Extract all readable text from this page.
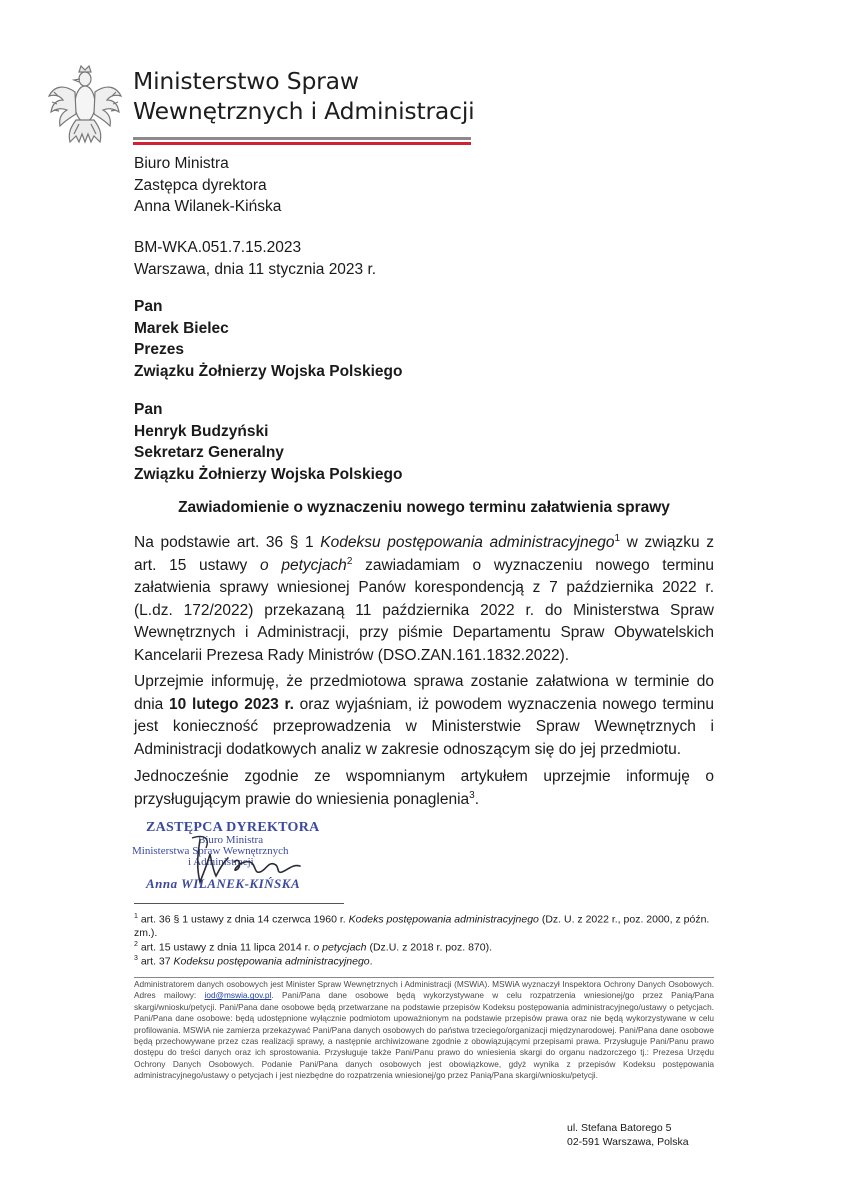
Ministerstwo Spraw
Wewnętrznych i Administracji
Biuro Ministra
Zastępca dyrektora
Anna Wilanek-Kińska
BM-WKA.051.7.15.2023
Warszawa, dnia 11 stycznia 2023 r.
Pan
Marek Bielec
Prezes
Związku Żołnierzy Wojska Polskiego
Pan
Henryk Budzyński
Sekretarz Generalny
Związku Żołnierzy Wojska Polskiego
Zawiadomienie o wyznaczeniu nowego terminu załatwienia sprawy

Na podstawie art. 36 § 1 Kodeksu postępowania administracyjnego$^1$ w związku z art. 15 ustawy o petycjach$^2$ zawiadamiam o wyznaczeniu nowego terminu załatwienia sprawy wniesionej Panów korespondencją z 7 października 2022 r. (L.dz. 172/2022) przekazaną 11 października 2022 r. do Ministerstwa Spraw Wewnętrznych i Administracji, przy piśmie Departamentu Spraw Obywatelskich Kancelarii Prezesa Rady Ministrów (DSO.ZAN.161.1832.2022).

Uprzejmie informuję, że przedmiotowa sprawa zostanie załatwiona w terminie do dnia 10 lutego 2023 r. oraz wyjaśniam, iż powodem wyznaczenia nowego terminu jest konieczność przeprowadzenia w Ministerstwie Spraw Wewnętrznych i Administracji dodatkowych analiz w zakresie odnoszącym się do jej przedmiotu.

Jednocześnie zgodnie ze wspomnianym artykułem uprzejmie informuję o przysługującym prawie do wniesienia ponaglenia$^3$.

ZASTĘPCA DYREKTORA
Biuro Ministra
Ministerstwa Spraw Wewnętrznych
i Administracji
Anna WILANEK-KIŃSKA
$^1$ art. 36 § 1 ustawy z dnia 14 czerwca 1960 r. Kodeks postępowania administracyjnego (Dz. U. z 2022 r., poz. 2000, z późn. zm.).
$^2$ art. 15 ustawy z dnia 11 lipca 2014 r. o petycjach (Dz.U. z 2018 r. poz. 870).
$^3$ art. 37 Kodeksu postępowania administracyjnego.
Administratorem danych osobowych jest Minister Spraw Wewnętrznych i Administracji (MSWiA). MSWiA wyznaczył Inspektora Ochrony Danych Osobowych. Adres mailowy: iod@mswia.gov.pl. Pani/Pana dane osobowe będą wykorzystywane w celu rozpatrzenia wniesionej/go przez Panią/Pana skargi/wniosku/petycji. Pani/Pana dane osobowe będą przetwarzane na podstawie przepisów Kodeksu postępowania administracyjnego/ustawy o petycjach. Pani/Pana dane osobowe: będą udostępnione wyłącznie podmiotom upoważnionym na podstawie przepisów prawa oraz nie będą wykorzystywane w celu profilowania. MSWiA nie zamierza przekazywać Pani/Pana danych osobowych do państwa trzeciego/organizacji międzynarodowej. Pani/Pana dane osobowe będą przechowywane przez czas realizacji sprawy, a następnie archiwizowane zgodnie z obowiązującymi przepisami prawa. Przysługuje Pani/Panu prawo dostępu do treści danych oraz ich sprostowania. Przysługuje także Pani/Panu prawo do wniesienia skargi do organu nadzorczego tj.: Prezesa Urzędu Ochrony Danych Osobowych. Podanie Pani/Pana danych osobowych jest obowiązkowe, gdyż wynika z przepisów Kodeksu postępowania administracyjnego/ustawy o petycjach i jest niezbędne do rozpatrzenia wniesionej/go przez Panią/Pana skargi/wniosku/petycji.
ul. Stefana Batorego 5
02-591 Warszawa, Polska
